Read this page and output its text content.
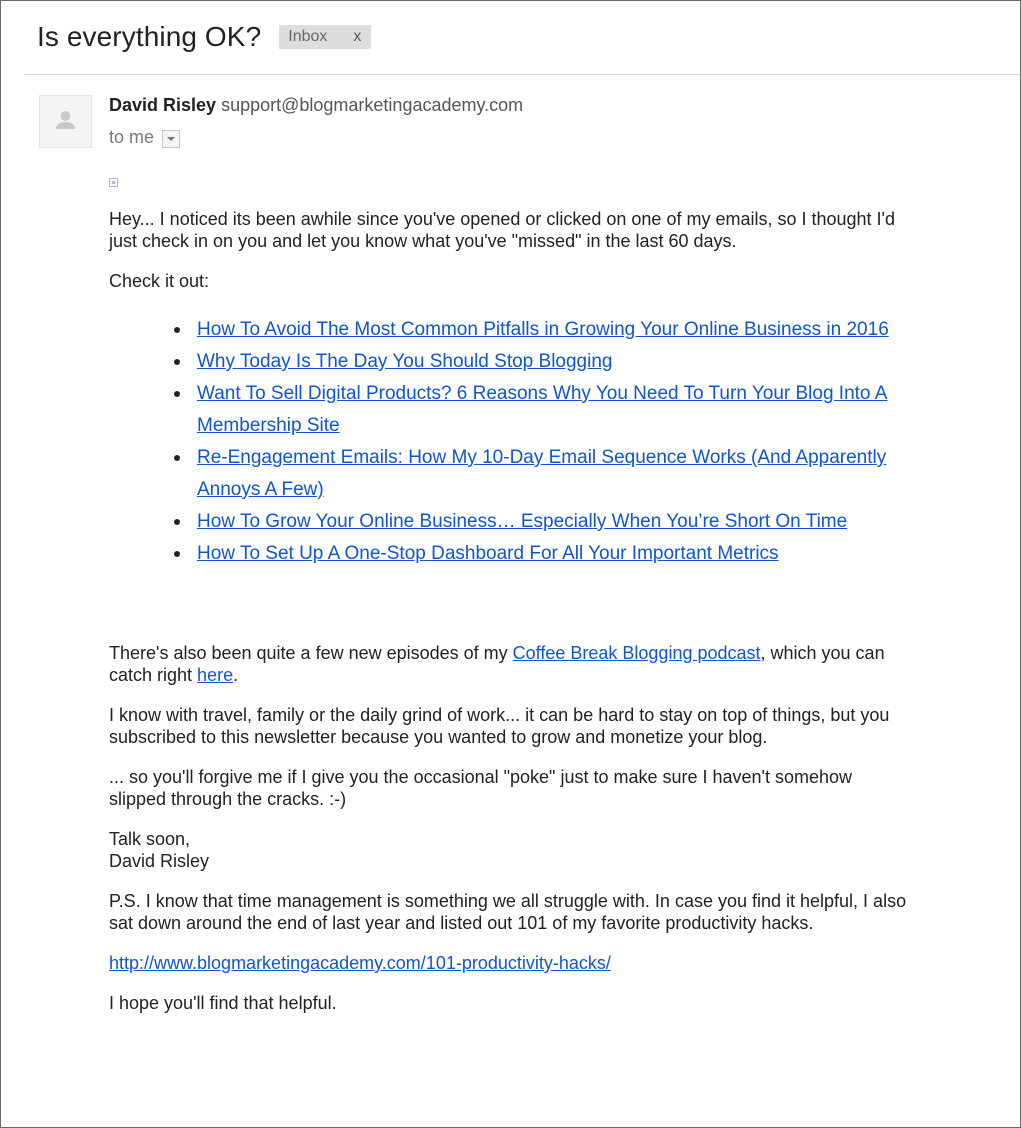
Is everything OK? Inbox x
David Risley support@blogmarketingacademy.com
to me

Hey... I noticed its been awhile since you've opened or clicked on one of my emails, so I thought I'd just check in on you and let you know what you've "missed" in the last 60 days.

Check it out:

How To Avoid The Most Common Pitfalls in Growing Your Online Business in 2016
Why Today Is The Day You Should Stop Blogging
Want To Sell Digital Products? 6 Reasons Why You Need To Turn Your Blog Into A Membership Site
Re-Engagement Emails: How My 10-Day Email Sequence Works (And Apparently Annoys A Few)
How To Grow Your Online Business… Especially When You’re Short On Time
How To Set Up A One-Stop Dashboard For All Your Important Metrics

There's also been quite a few new episodes of my Coffee Break Blogging podcast, which you can catch right here.

I know with travel, family or the daily grind of work... it can be hard to stay on top of things, but you subscribed to this newsletter because you wanted to grow and monetize your blog.

... so you'll forgive me if I give you the occasional "poke" just to make sure I haven't somehow slipped through the cracks. :-)

Talk soon,
David Risley

P.S. I know that time management is something we all struggle with. In case you find it helpful, I also sat down around the end of last year and listed out 101 of my favorite productivity hacks.

http://www.blogmarketingacademy.com/101-productivity-hacks/

I hope you'll find that helpful.
